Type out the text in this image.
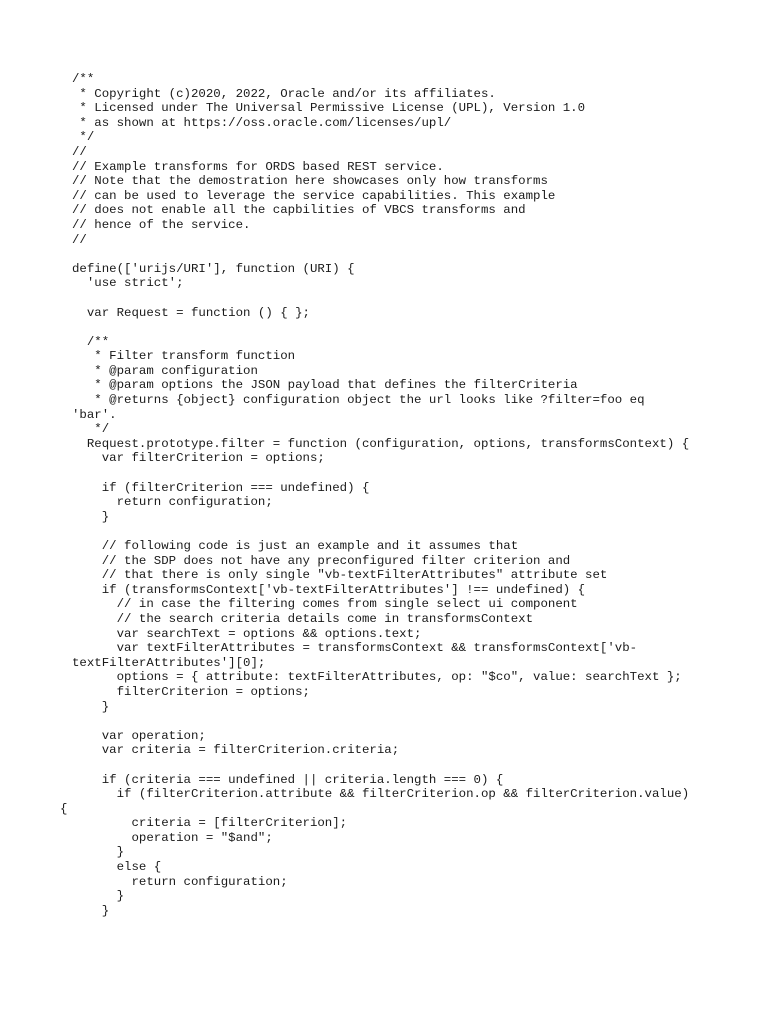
/**
* Copyright (c)2020, 2022, Oracle and/or its affiliates.
* Licensed under The Universal Permissive License (UPL), Version 1.0
* as shown at https://oss.oracle.com/licenses/upl/
*/
//
// Example transforms for ORDS based REST service.
// Note that the demostration here showcases only how transforms
// can be used to leverage the service capabilities. This example
// does not enable all the capbilities of VBCS transforms and
// hence of the service.
//
define(['urijs/URI'], function (URI) {
'use strict';
var Request = function () { };
/**
* Filter transform function
* @param configuration
* @param options the JSON payload that defines the filterCriteria
* @returns {object} configuration object the url looks like ?filter=foo eq
'bar'.
*/
Request.prototype.filter = function (configuration, options, transformsContext) {
var filterCriterion = options;
if (filterCriterion === undefined) {
return configuration;
}
// following code is just an example and it assumes that
// the SDP does not have any preconfigured filter criterion and
// that there is only single "vb-textFilterAttributes" attribute set
if (transformsContext['vb-textFilterAttributes'] !== undefined) {
// in case the filtering comes from single select ui component
// the search criteria details come in transformsContext
var searchText = options && options.text;
var textFilterAttributes = transformsContext && transformsContext['vb-
textFilterAttributes'][0];
options = { attribute: textFilterAttributes, op: "$co", value: searchText };
filterCriterion = options;
}
var operation;
var criteria = filterCriterion.criteria;
if (criteria === undefined || criteria.length === 0) {
if (filterCriterion.attribute && filterCriterion.op && filterCriterion.value)
{
criteria = [filterCriterion];
operation = "$and";
}
else {
return configuration;
}
}
